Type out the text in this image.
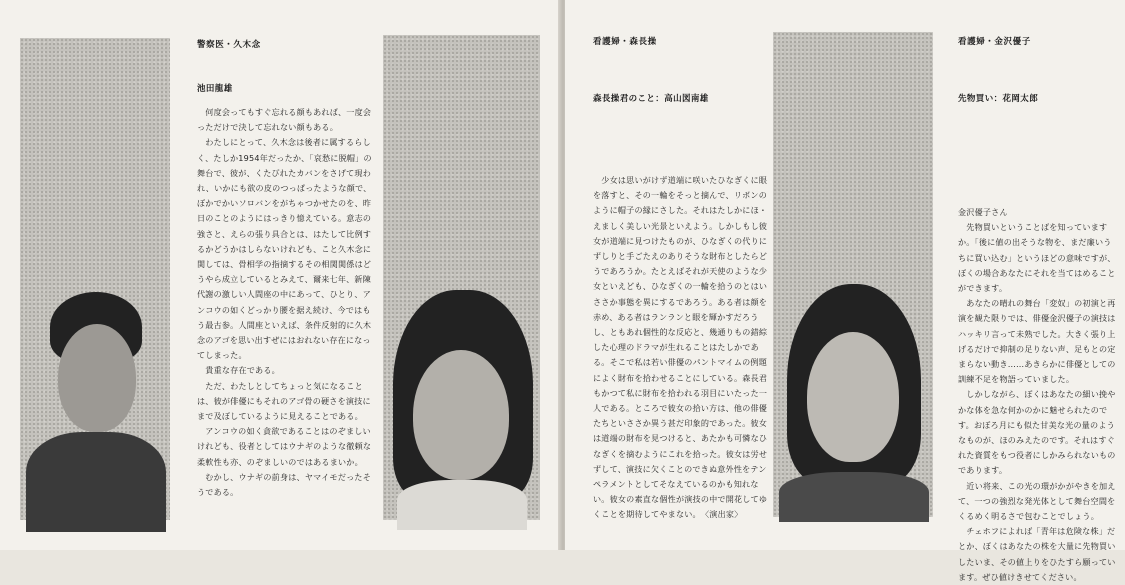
警察医・久木念
池田龍雄

　何度会ってもすぐ忘れる顔もあれば、一度会っただけで決して忘れない顔もある。

　わたしにとって、久木念は後者に属するらしく、たしか1954年だったか、「哀愁に脱帽」の舞台で、彼が、くたびれたカバンをさげて現われ、いかにも欲の皮のつっぱったような顔で、ぼかでかいソロバンをがちゃつかせたのを、昨日のことのようにはっきり憶えている。意志の強さと、えらの張り具合とは、はたして比例するかどうかはしらないけれども、こと久木念に関しては、骨相学の指摘するその相関関係はどうやら成立しているとみえて、爾来七年、新陳代謝の激しい人間座の中にあって、ひとり、アンコウの如くどっかり腰を据え続け、今ではもう最古参。人間座といえば、条件反射的に久木念のアゴを思い出すぜにはおれない存在になってしまった。

　貴重な存在である。

　ただ、わたしとしてちょっと気になることは、彼が俳優にもそれのアゴ骨の硬さを演技にまで及ぼしているように見えることである。

　アンコウの如く貪欲であることはのぞましいけれども、役者としてはウナギのような徹頼な柔軟性も亦、のぞましいのではあるまいか。

　むかし、ウナギの前身は、ヤマイモだったそうである。

看護婦・森長操
森長操君のこと：高山図南雄

　少女は思いがけず道端に咲いたひなぎくに眼を落すと、その一輪をそっと摘んで、リボンのように帽子の縁にさした。それはたしかにほ・ えましく美しい光景といえよう。しかしもし彼女が道端に見つけたものが、ひなぎくの代りにずしりと手ごたえのありそうな財布としたらどうであろうか。たとえばそれが天使のような少女といえども、ひなぎくの一輪を拾うのとはいささか事態を異にするであろう。ある者は顔を赤め、ある者はランランと眼を輝かすだろうし、ともあれ個性的な反応と、幾通りもの錯綜した心理のドラマが生れることはたしかである。そこで私は若い俳優のパントマイムの例題によく財布を拾わせることにしている。森長君もかつて私に財布を拾われる羽目にいたった一人である。ところで彼女の拾い方は、他の俳優たちといささか異う甚だ印象的であった。彼女は道端の財布を見つけると、あたかも可憐なひなぎくを摘むようにこれを拾った。彼女は労せずして、演技に欠くことのできぬ意外性をテンペラメントとしてそなえているのかも知れない。彼女の素直な個性が演技の中で開花してゆくことを期待してやまない。　〈演出家〉

看護婦・金沢優子
先物買い：花岡太郎

金沢優子さん

　先物買いということばを知っていますか。「後に値の出そうな物を、まだ廉いうちに買い込む」というほどの意味ですが、ぼくの場合あなたにそれを当てはめることができます。

　あなたの晴れの舞台「変奴」の初演と再演を観た限りでは、俳優金沢優子の演技はハッキリ言って未熟でした。大きく張り上げるだけで抑制の足りない声、足もとの定まらない動き……あきらかに俳優としての訓練不足を物語っていました。

　しかしながら、ぼくはあなたの細い挽やかな体を急な何かのかに魅せられたのです。おぼろ月にも似た甘美な光の量のようなものが、ほのみえたのです。それはすぐれた資質をもつ役者にしかみられないものであります。

　近い将来、この光の環がかがやきを加えて、一つの強烈な発光体として舞台空間をくるめく明るさで包むことでしょう。

　チェホフによれば「青年は危険な株」だとか、ぼくはあなたの株を大量に先物買いしたいま、その値上りをひたすら願っています。ぜひ値けきせてください。
